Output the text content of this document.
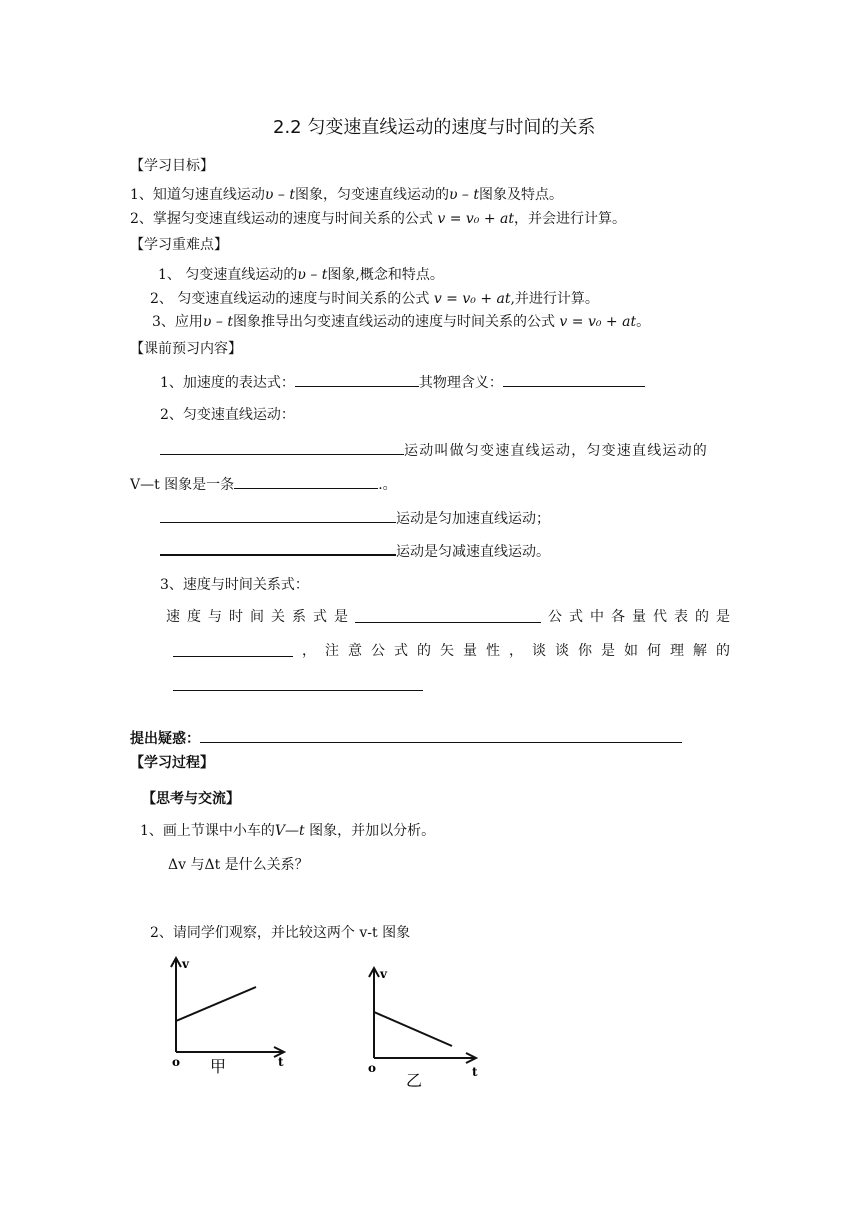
2.2 匀变速直线运动的速度与时间的关系
【学习目标】
1、知道匀速直线运动υ – t图象，匀变速直线运动的υ – t图象及特点。
2、掌握匀变速直线运动的速度与时间关系的公式 v = v₀ + at，并会进行计算。
【学习重难点】
1、 匀变速直线运动的υ – t图象,概念和特点。
2、 匀变速直线运动的速度与时间关系的公式 v = v₀ + at,并进行计算。
3、应用υ – t图象推导出匀变速直线运动的速度与时间关系的公式 v = v₀ + at。
【课前预习内容】
1、加速度的表达式：	其物理含义：
2、匀变速直线运动：
运动叫做匀变速直线运动，匀变速直线运动的
V—t 图象是一条	.。
运动是匀加速直线运动；
运动是匀减速直线运动。
3、速度与时间关系式：
速 度 与 时 间 关 系 式 是	公 式 中 各 量 代 表 的 是
， 注 意 公 式 的 矢 量 性 ， 谈 谈 你 是 如 何 理 解 的
提出疑惑：
【学习过程】
【思考与交流】
1、画上节课中小车的V—t 图象，并加以分析。
Δv 与Δt 是什么关系？
2、请同学们观察，并比较这两个 v-t 图象
v
o	t
甲
v
o	t
乙
